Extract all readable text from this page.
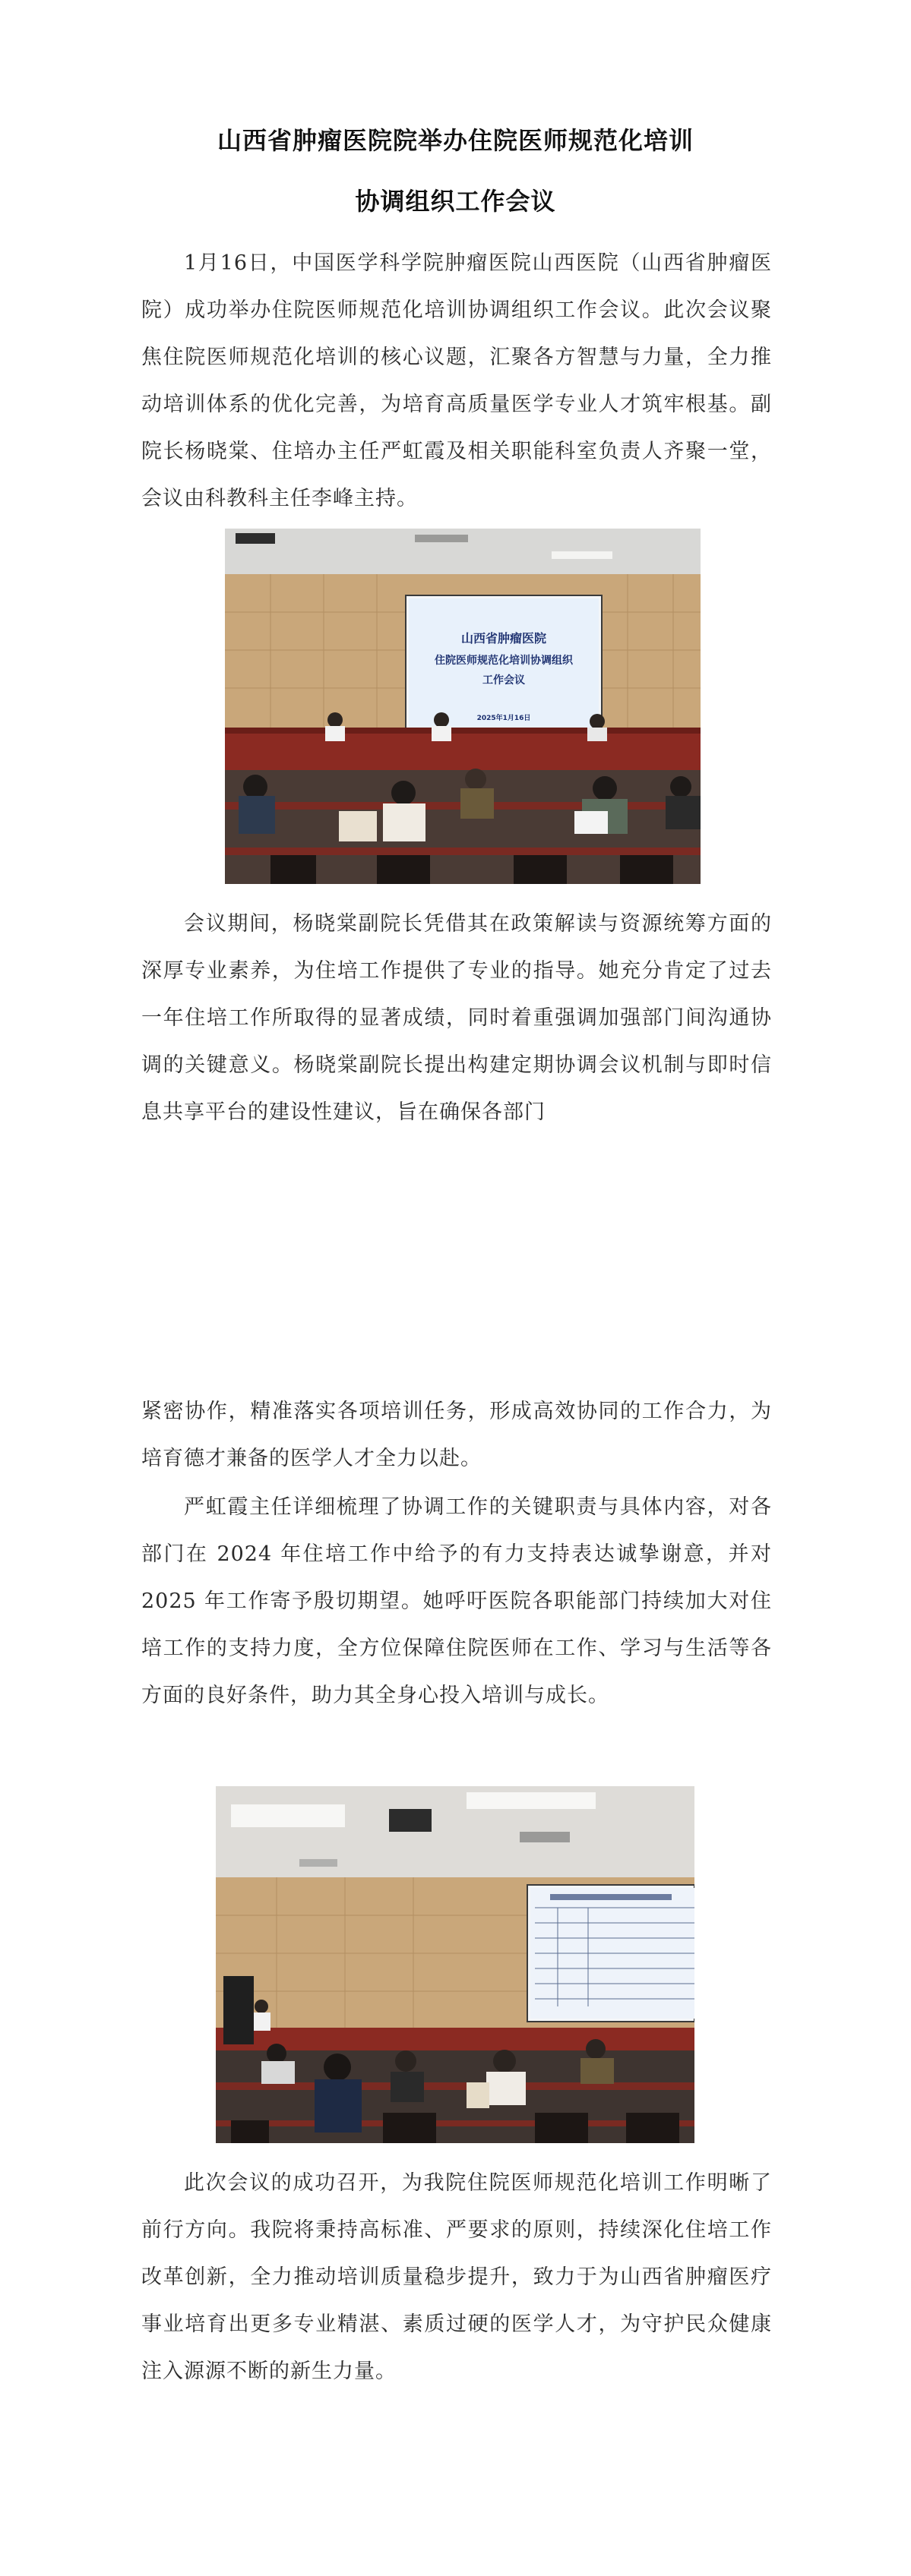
山西省肿瘤医院院举办住院医师规范化培训
协调组织工作会议
1月16日，中国医学科学院肿瘤医院山西医院（山西省肿瘤医院）成功举办住院医师规范化培训协调组织工作会议。此次会议聚焦住院医师规范化培训的核心议题，汇聚各方智慧与力量，全力推动培训体系的优化完善，为培育高质量医学专业人才筑牢根基。副院长杨晓棠、住培办主任严虹霞及相关职能科室负责人齐聚一堂，会议由科教科主任李峰主持。
山西省肿瘤医院
住院医师规范化培训协调组织
工作会议
2025年1月16日
会议期间，杨晓棠副院长凭借其在政策解读与资源统筹方面的深厚专业素养，为住培工作提供了专业的指导。她充分肯定了过去一年住培工作所取得的显著成绩，同时着重强调加强部门间沟通协调的关键意义。杨晓棠副院长提出构建定期协调会议机制与即时信息共享平台的建设性建议，旨在确保各部门
紧密协作，精准落实各项培训任务，形成高效协同的工作合力，为培育德才兼备的医学人才全力以赴。
严虹霞主任详细梳理了协调工作的关键职责与具体内容，对各部门在 2024 年住培工作中给予的有力支持表达诚挚谢意，并对 2025 年工作寄予殷切期望。她呼吁医院各职能部门持续加大对住培工作的支持力度，全方位保障住院医师在工作、学习与生活等各方面的良好条件，助力其全身心投入培训与成长。
此次会议的成功召开，为我院住院医师规范化培训工作明晰了前行方向。我院将秉持高标准、严要求的原则，持续深化住培工作改革创新，全力推动培训质量稳步提升，致力于为山西省肿瘤医疗事业培育出更多专业精湛、素质过硬的医学人才，为守护民众健康注入源源不断的新生力量。
